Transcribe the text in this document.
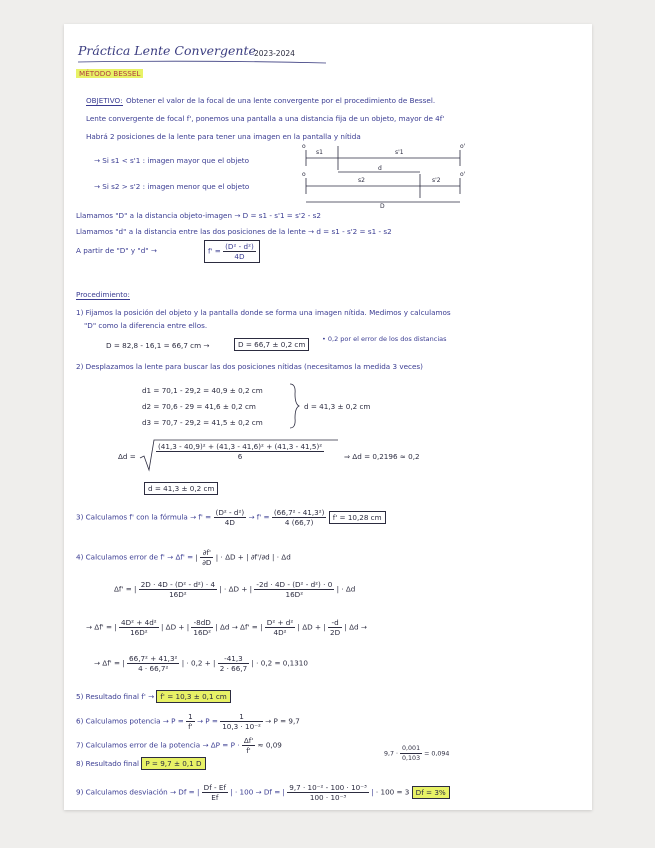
Práctica Lente Convergente
2023-2024
MÉTODO BESSEL
OBJETIVO: Obtener el valor de la focal de una lente convergente por el procedimiento de Bessel.
Lente convergente de focal f', ponemos una pantalla a una distancia fija de un objeto, mayor de 4f'
Habrá 2 posiciones de la lente para tener una imagen en la pantalla y nítida
→ Si s1 < s'1 : imagen mayor que el objeto
→ Si s2 > s'2 : imagen menor que el objeto
o
s1	s'1
o'
o
s2
d
s'2
o'
D
Llamamos "D" a la distancia objeto-imagen → D = s1 - s'1 = s'2 - s2
Llamamos "d" a la distancia entre las dos posiciones de la lente → d = s1 - s'2 = s1 - s2
A partir de "D" y "d" →	$f' = \frac{\text{(D² - d²)}}{4D}$
Procedimiento:
1) Fijamos la posición del objeto y la pantalla donde se forma una imagen nítida. Medimos y calculamos
"D" como la diferencia entre ellos.
D = 82,8 - 16,1 = 66,7 cm →	D = 66,7 ± 0,2 cm
• 0,2 por el error de los dos distancias
2) Desplazamos la lente para buscar las dos posiciones nítidas (necesitamos la medida 3 veces)
d1 = 70,1 - 29,2 = 40,9 ± 0,2 cm
d2 = 70,6 - 29 = 41,6 ± 0,2 cm
d3 = 70,7 - 29,2 = 41,5 ± 0,2 cm
d = 41,3 ± 0,2 cm
Δd =	$\frac{\text{(41,3 - 40,9)² + (41,3 - 41,6)² + (41,3 - 41,5)²}}{6}$	⇒ Δd = 0,2196 ≈ 0,2
d = 41,3 ± 0,2 cm
3) Calculamos f' con la fórmula → $f' = \frac{\text{(D² - d²)}}{4D} \to f' = \frac{\text{(66,7² - 41,3²)}}{4 (66,7)} f' = 10,28$ cm
4) Calculamos error de f' → Δf' = | $\frac{\partial f'}{\partial D}$ | · ΔD + | ∂f'/∂d | · Δd
Δf' = | $\frac{\text{2D · 4D - (D² - d²) · 4}}{\text{16D²}}$ | · ΔD + | $\frac{\text{-2d · 4D - (D² - d²) · 0}}{\text{16D²}}$ | · Δd
→ Δf' = | $\frac{\text{4D² + 4d²}}{\text{16D²}}$ | ΔD + | $\frac{-8dD}{\text{16D²}}$ | Δd → Δf' = | $\frac{\text{D² + d²}}{\text{4D²}}$ | ΔD + | $\frac{-d}{2D}$ | Δd →
→ Δf' = | $\frac{\text{66,7² + 41,3²}}{\text{4 · 66,7²}}$ | · 0,2 + | $\frac{-41,3}{2 \cdot 66,7}$ | · 0,2 = 0,1310
5) Resultado final f' → f' = 10,3 ± 0,1 cm
6) Calculamos potencia → $P = \frac{1}{f'} \to P = \frac{1}{\text{10,3 · 10⁻²}} \to P = 9,7$
7) Calculamos error de la potencia → $\Delta P = P \cdot \frac{\Delta f'}{f'} \approx 0,09$
$9,7 \cdot \frac{0,001}{0,103} = 0,094$
8) Resultado final P = 9,7 ± 0,1 D
9) Calculamos desviación → Df = | $\frac{Df - Ef}{Ef}$ | · 100 → Df = | $\frac{\text{9,7 · 10⁻² - 100 · 10⁻³}}{\text{100 · 10⁻³}}$ | · 100 = 3 Df = 3%
